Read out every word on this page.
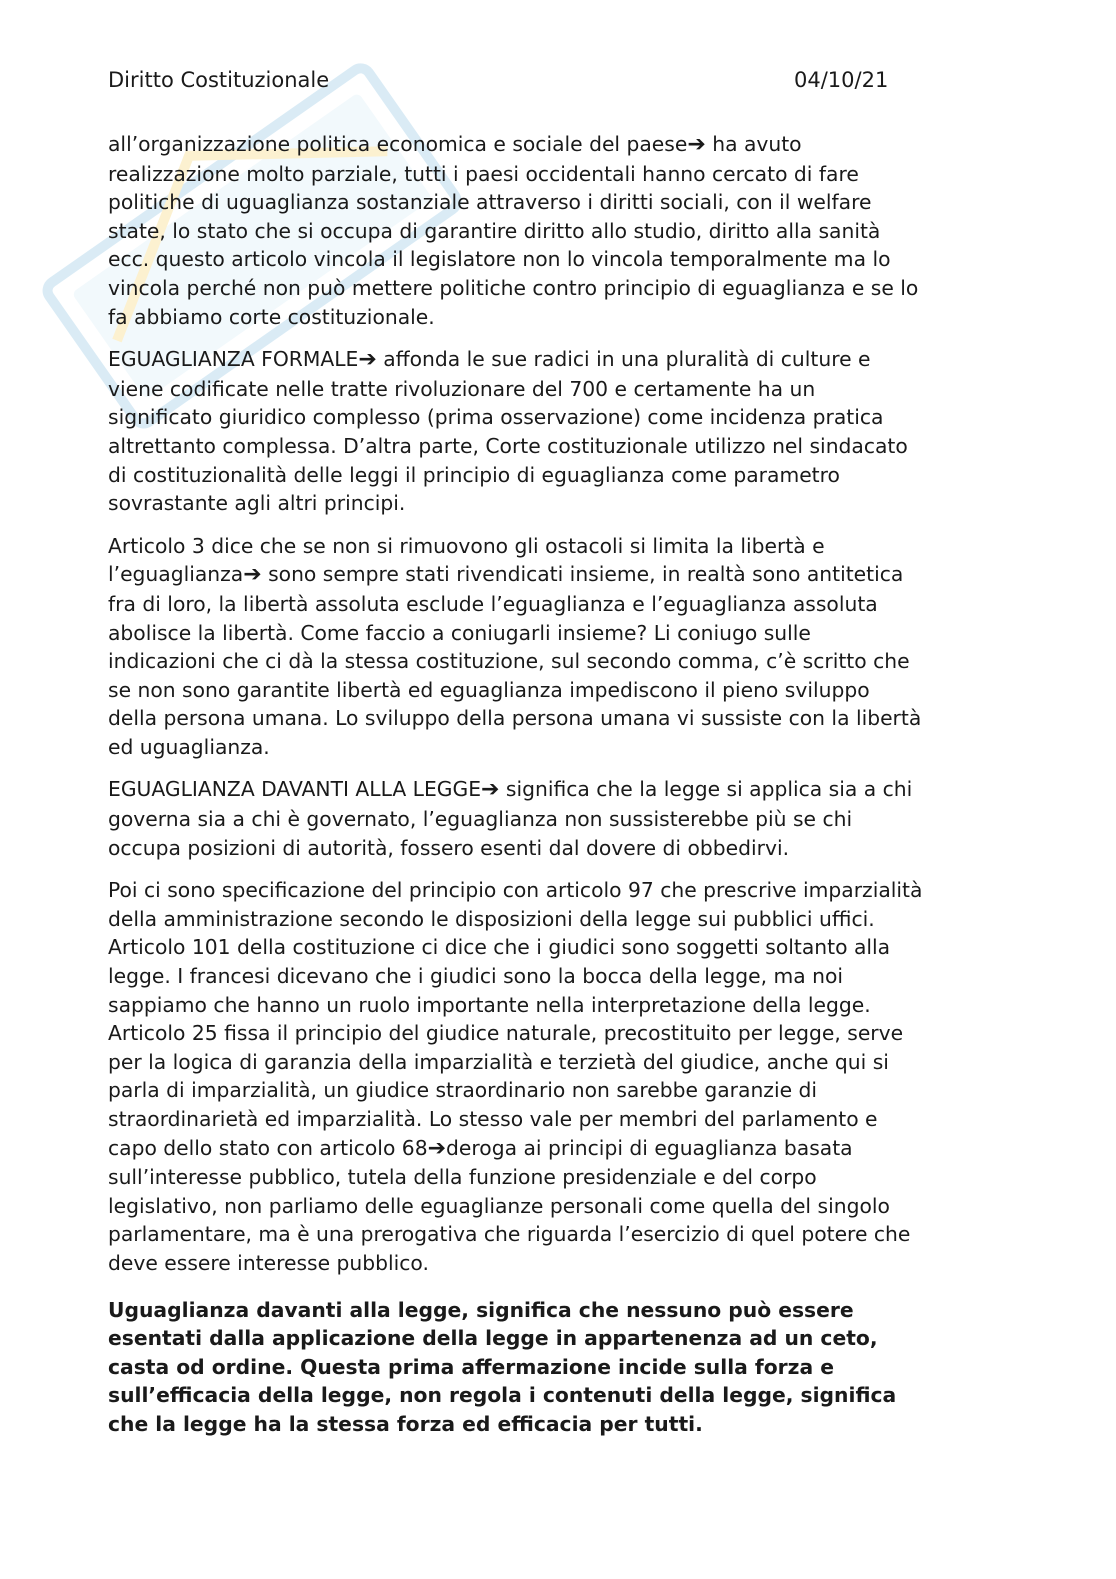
Diritto Costituzionale	04/10/21

all’organizzazione politica economica e sociale del paese➔ ha avuto
realizzazione molto parziale, tutti i paesi occidentali hanno cercato di fare
politiche di uguaglianza sostanziale attraverso i diritti sociali, con il welfare
state, lo stato che si occupa di garantire diritto allo studio, diritto alla sanità
ecc. questo articolo vincola il legislatore non lo vincola temporalmente ma lo
vincola perché non può mettere politiche contro principio di eguaglianza e se lo
fa abbiamo corte costituzionale.

EGUAGLIANZA FORMALE➔ affonda le sue radici in una pluralità di culture e
viene codificate nelle tratte rivoluzionare del 700 e certamente ha un
significato giuridico complesso (prima osservazione) come incidenza pratica
altrettanto complessa. D’altra parte, Corte costituzionale utilizzo nel sindacato
di costituzionalità delle leggi il principio di eguaglianza come parametro
sovrastante agli altri principi.

Articolo 3 dice che se non si rimuovono gli ostacoli si limita la libertà e
l’eguaglianza➔ sono sempre stati rivendicati insieme, in realtà sono antitetica
fra di loro, la libertà assoluta esclude l’eguaglianza e l’eguaglianza assoluta
abolisce la libertà. Come faccio a coniugarli insieme? Li coniugo sulle
indicazioni che ci dà la stessa costituzione, sul secondo comma, c’è scritto che
se non sono garantite libertà ed eguaglianza impediscono il pieno sviluppo
della persona umana. Lo sviluppo della persona umana vi sussiste con la libertà
ed uguaglianza.

EGUAGLIANZA DAVANTI ALLA LEGGE➔ significa che la legge si applica sia a chi
governa sia a chi è governato, l’eguaglianza non sussisterebbe più se chi
occupa posizioni di autorità, fossero esenti dal dovere di obbedirvi.

Poi ci sono specificazione del principio con articolo 97 che prescrive imparzialità
della amministrazione secondo le disposizioni della legge sui pubblici uffici.
Articolo 101 della costituzione ci dice che i giudici sono soggetti soltanto alla
legge. I francesi dicevano che i giudici sono la bocca della legge, ma noi
sappiamo che hanno un ruolo importante nella interpretazione della legge.
Articolo 25 fissa il principio del giudice naturale, precostituito per legge, serve
per la logica di garanzia della imparzialità e terzietà del giudice, anche qui si
parla di imparzialità, un giudice straordinario non sarebbe garanzie di
straordinarietà ed imparzialità. Lo stesso vale per membri del parlamento e
capo dello stato con articolo 68➔deroga ai principi di eguaglianza basata
sull’interesse pubblico, tutela della funzione presidenziale e del corpo
legislativo, non parliamo delle eguaglianze personali come quella del singolo
parlamentare, ma è una prerogativa che riguarda l’esercizio di quel potere che
deve essere interesse pubblico.

Uguaglianza davanti alla legge, significa che nessuno può essere
esentati dalla applicazione della legge in appartenenza ad un ceto,
casta od ordine. Questa prima affermazione incide sulla forza e
sull’efficacia della legge, non regola i contenuti della legge, significa
che la legge ha la stessa forza ed efficacia per tutti.
